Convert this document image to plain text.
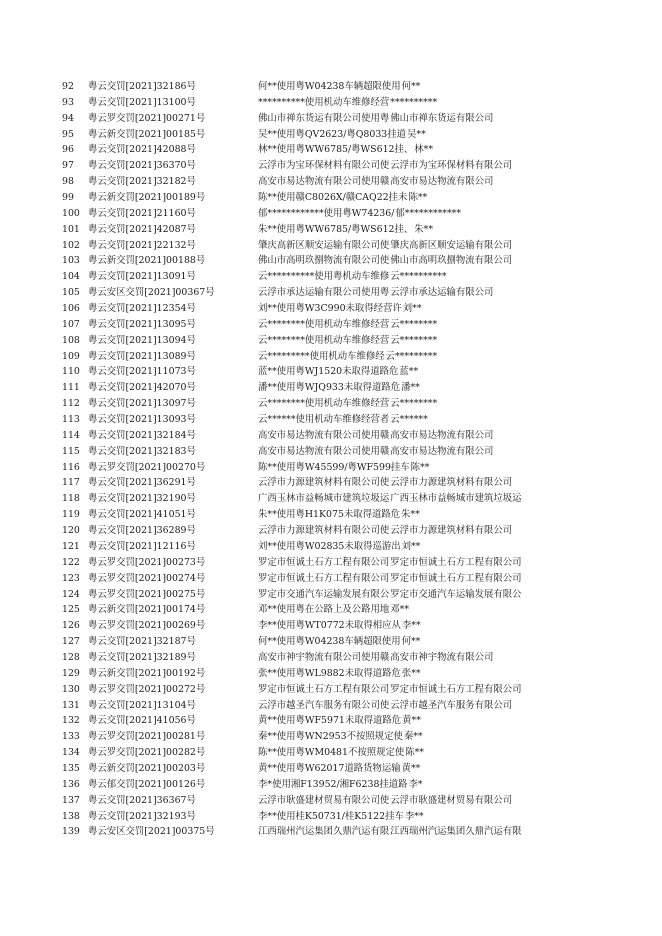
92 粤云交罚[2021]32186号	何**使用粤W04238车辆超限使用何**
93 粤云交罚[2021]13100号	**********使用机动车维修经营**********
94 粤云罗交罚[2021]00271号	佛山市禅东货运有限公司使用粤佛山市禅东货运有限公司
95 粤云新交罚[2021]00185号	吴**使用粤QV2623/粤Q8033挂道吴**
96 粤云交罚[2021]42088号	林**使用粤WW6785/粤WS612挂、林**
97 粤云交罚[2021]36370号	云浮市为宝环保材料有限公司使云浮市为宝环保材料有限公司
98 粤云交罚[2021]32182号	高安市易达物流有限公司使用赣高安市易达物流有限公司
99 粤云新交罚[2021]00189号	陈**使用赣C8026X/赣CAQ22挂未陈**
100 粤云交罚[2021]21160号	郁************使用粤W74236/郁************
101 粤云交罚[2021]42087号	朱**使用粤WW6785/粤WS612挂、朱**
102 粤云交罚[2021]22132号	肇庆高新区顺安运输有限公司使肇庆高新区顺安运输有限公司
103 粤云新交罚[2021]00188号	佛山市高明玖捌物流有限公司使佛山市高明玖捌物流有限公司
104 粤云交罚[2021]13091号	云**********使用粤机动车维修云**********
105 粤云安区交罚[2021]00367号	云浮市承达运输有限公司使用粤云浮市承达运输有限公司
106 粤云交罚[2021]12354号	刘**使用粤W3C990未取得经营许刘**
107 粤云交罚[2021]13095号	云********使用机动车维修经营云********
108 粤云交罚[2021]13094号	云********使用机动车维修经营云********
109 粤云交罚[2021]13089号	云*********使用机动车维修经云*********
110 粤云交罚[2021]11073号	蓝**使用粤WJ1520未取得道路危蓝**
111 粤云交罚[2021]42070号	潘**使用粤WJQ933未取得道路危潘**
112 粤云交罚[2021]13097号	云********使用机动车维修经营云********
113 粤云交罚[2021]13093号	云******使用机动车维修经营者云******
114 粤云交罚[2021]32184号	高安市易达物流有限公司使用赣高安市易达物流有限公司
115 粤云交罚[2021]32183号	高安市易达物流有限公司使用赣高安市易达物流有限公司
116 粤云罗交罚[2021]00270号	陈**使用粤W45599/粤WF599挂车陈**
117 粤云交罚[2021]36291号	云浮市力源建筑材料有限公司使云浮市力源建筑材料有限公司
118 粤云交罚[2021]32190号	广西玉林市益畅城市建筑垃圾运广西玉林市益畅城市建筑垃圾运
119 粤云交罚[2021]41051号	朱**使用粤H1K075未取得道路危朱**
120 粤云交罚[2021]36289号	云浮市力源建筑材料有限公司使云浮市力源建筑材料有限公司
121 粤云交罚[2021]12116号	刘**使用粤W02835未取得巡游出刘**
122 粤云罗交罚[2021]00273号	罗定市恒诚土石方工程有限公司罗定市恒诚土石方工程有限公司
123 粤云罗交罚[2021]00274号	罗定市恒诚土石方工程有限公司罗定市恒诚土石方工程有限公司
124 粤云罗交罚[2021]00275号	罗定市交通汽车运输发展有限公罗定市交通汽车运输发展有限公
125 粤云新交罚[2021]00174号	邓**使用粤在公路上及公路用地邓**
126 粤云罗交罚[2021]00269号	李**使用粤WT0772未取得相应从李**
127 粤云交罚[2021]32187号	何**使用粤W04238车辆超限使用何**
128 粤云交罚[2021]32189号	高安市神宇物流有限公司使用赣高安市神宇物流有限公司
129 粤云新交罚[2021]00192号	张**使用粤WL9882未取得道路危张**
130 粤云罗交罚[2021]00272号	罗定市恒诚土石方工程有限公司罗定市恒诚土石方工程有限公司
131 粤云交罚[2021]13104号	云浮市越圣汽车服务有限公司使云浮市越圣汽车服务有限公司
132 粤云交罚[2021]41056号	黄**使用粤WF5971未取得道路危黄**
133 粤云罗交罚[2021]00281号	秦**使用粤WN2953不按照规定使秦**
134 粤云罗交罚[2021]00282号	陈**使用粤WM0481不按照规定使陈**
135 粤云新交罚[2021]00203号	黄**使用粤W62017道路货物运输黄**
136 粤云郁交罚[2021]00126号	李*使用湘F13952/湘F6238挂道路李*
137 粤云交罚[2021]36367号	云浮市耿盛建材贸易有限公司使云浮市耿盛建材贸易有限公司
138 粤云交罚[2021]32193号	李**使用桂K50731/桂K5122挂车李**
139 粤云安区交罚[2021]00375号	江西瑞州汽运集团久鼎汽运有限江西瑞州汽运集团久鼎汽运有限
